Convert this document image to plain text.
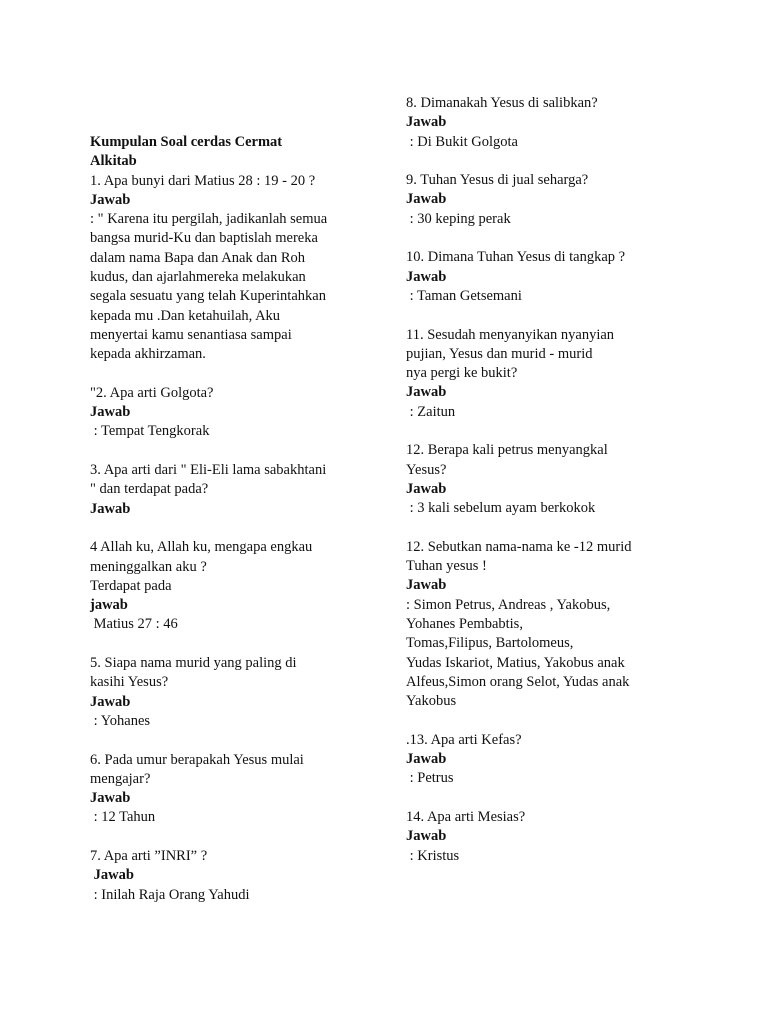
Kumpulan Soal cerdas Cermat
Alkitab
1. Apa bunyi dari Matius 28 : 19 - 20 ?
Jawab
: " Karena itu pergilah, jadikanlah semua
bangsa murid-Ku dan baptislah mereka
dalam nama Bapa dan Anak dan Roh
kudus, dan ajarlahmereka melakukan
segala sesuatu yang telah Kuperintahkan
kepada mu .Dan ketahuilah, Aku
menyertai kamu senantiasa sampai
kepada akhirzaman.
"2. Apa arti Golgota?
Jawab
: Tempat Tengkorak
3. Apa arti dari " Eli-Eli lama sabakhtani
" dan terdapat pada?
Jawab
4 Allah ku, Allah ku, mengapa engkau
meninggalkan aku ?
Terdapat pada
jawab
Matius 27 : 46
5. Siapa nama murid yang paling di
kasihi Yesus?
Jawab
: Yohanes
6. Pada umur berapakah Yesus mulai
mengajar?
Jawab
: 12 Tahun
7. Apa arti ”INRI” ?
Jawab
: Inilah Raja Orang Yahudi
8. Dimanakah Yesus di salibkan?
Jawab
: Di Bukit Golgota
9. Tuhan Yesus di jual seharga?
Jawab
: 30 keping perak
10. Dimana Tuhan Yesus di tangkap ?
Jawab
: Taman Getsemani
11. Sesudah menyanyikan nyanyian
pujian, Yesus dan murid - murid
nya pergi ke bukit?
Jawab
: Zaitun
12. Berapa kali petrus menyangkal
Yesus?
Jawab
: 3 kali sebelum ayam berkokok
12. Sebutkan nama-nama ke -12 murid
Tuhan yesus !
Jawab
: Simon Petrus, Andreas , Yakobus,
Yohanes Pembabtis,
Tomas,Filipus, Bartolomeus,
Yudas Iskariot, Matius, Yakobus anak
Alfeus,Simon orang Selot, Yudas anak
Yakobus
.13. Apa arti Kefas?
Jawab
: Petrus
14. Apa arti Mesias?
Jawab
: Kristus
